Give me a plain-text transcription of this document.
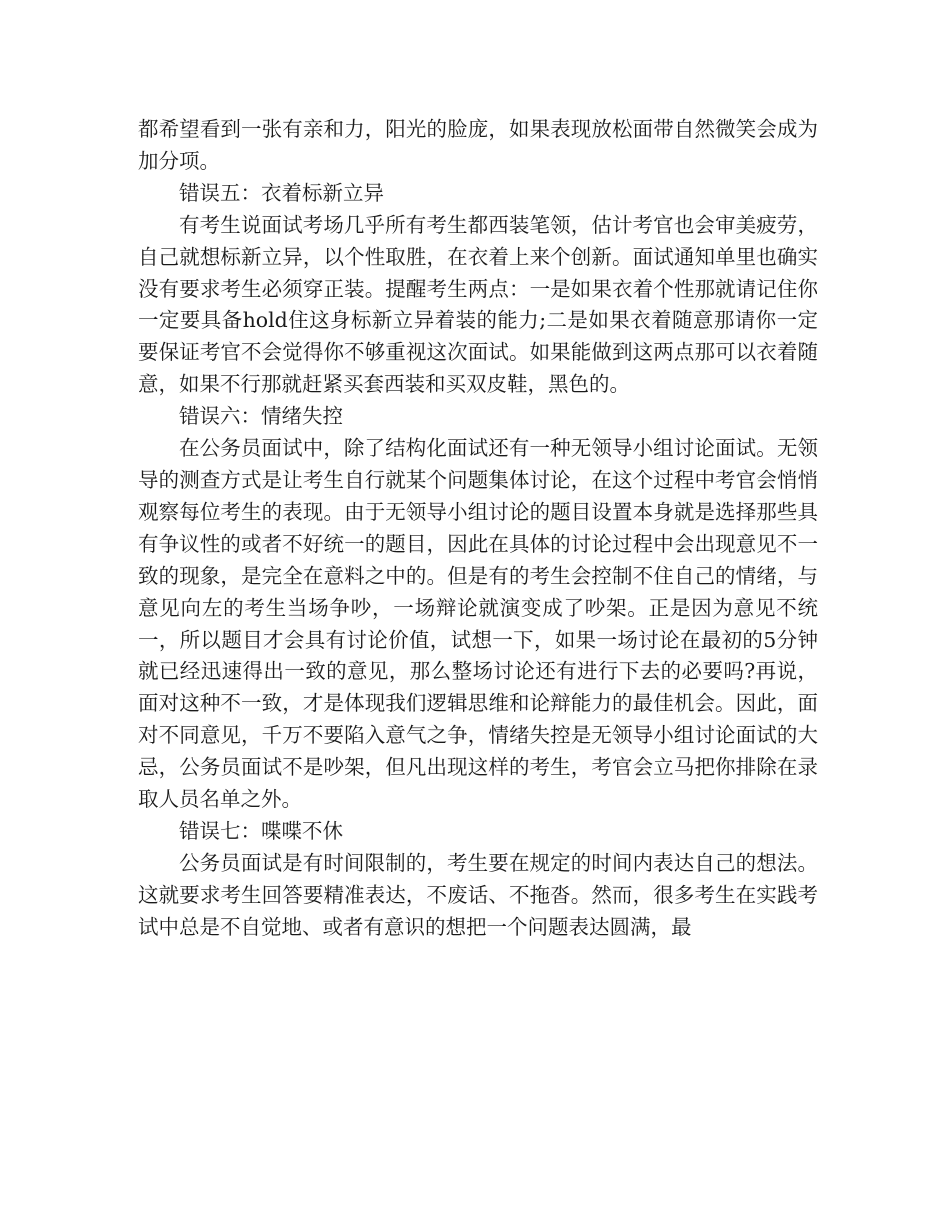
都希望看到一张有亲和力，阳光的脸庞，如果表现放松面带自然微笑会成为加分项。

错误五：衣着标新立异

有考生说面试考场几乎所有考生都西装笔领，估计考官也会审美疲劳，自己就想标新立异，以个性取胜，在衣着上来个创新。面试通知单里也确实没有要求考生必须穿正装。提醒考生两点：一是如果衣着个性那就请记住你一定要具备hold住这身标新立异着装的能力;二是如果衣着随意那请你一定要保证考官不会觉得你不够重视这次面试。如果能做到这两点那可以衣着随意，如果不行那就赶紧买套西装和买双皮鞋，黑色的。

错误六：情绪失控

在公务员面试中，除了结构化面试还有一种无领导小组讨论面试。无领导的测查方式是让考生自行就某个问题集体讨论，在这个过程中考官会悄悄观察每位考生的表现。由于无领导小组讨论的题目设置本身就是选择那些具有争议性的或者不好统一的题目，因此在具体的讨论过程中会出现意见不一致的现象，是完全在意料之中的。但是有的考生会控制不住自己的情绪，与意见向左的考生当场争吵，一场辩论就演变成了吵架。正是因为意见不统一，所以题目才会具有讨论价值，试想一下，如果一场讨论在最初的5分钟就已经迅速得出一致的意见，那么整场讨论还有进行下去的必要吗?再说，面对这种不一致，才是体现我们逻辑思维和论辩能力的最佳机会。因此，面对不同意见，千万不要陷入意气之争，情绪失控是无领导小组讨论面试的大忌，公务员面试不是吵架，但凡出现这样的考生，考官会立马把你排除在录取人员名单之外。

错误七：喋喋不休

公务员面试是有时间限制的，考生要在规定的时间内表达自己的想法。这就要求考生回答要精准表达，不废话、不拖沓。然而，很多考生在实践考试中总是不自觉地、或者有意识的想把一个问题表达圆满，最
